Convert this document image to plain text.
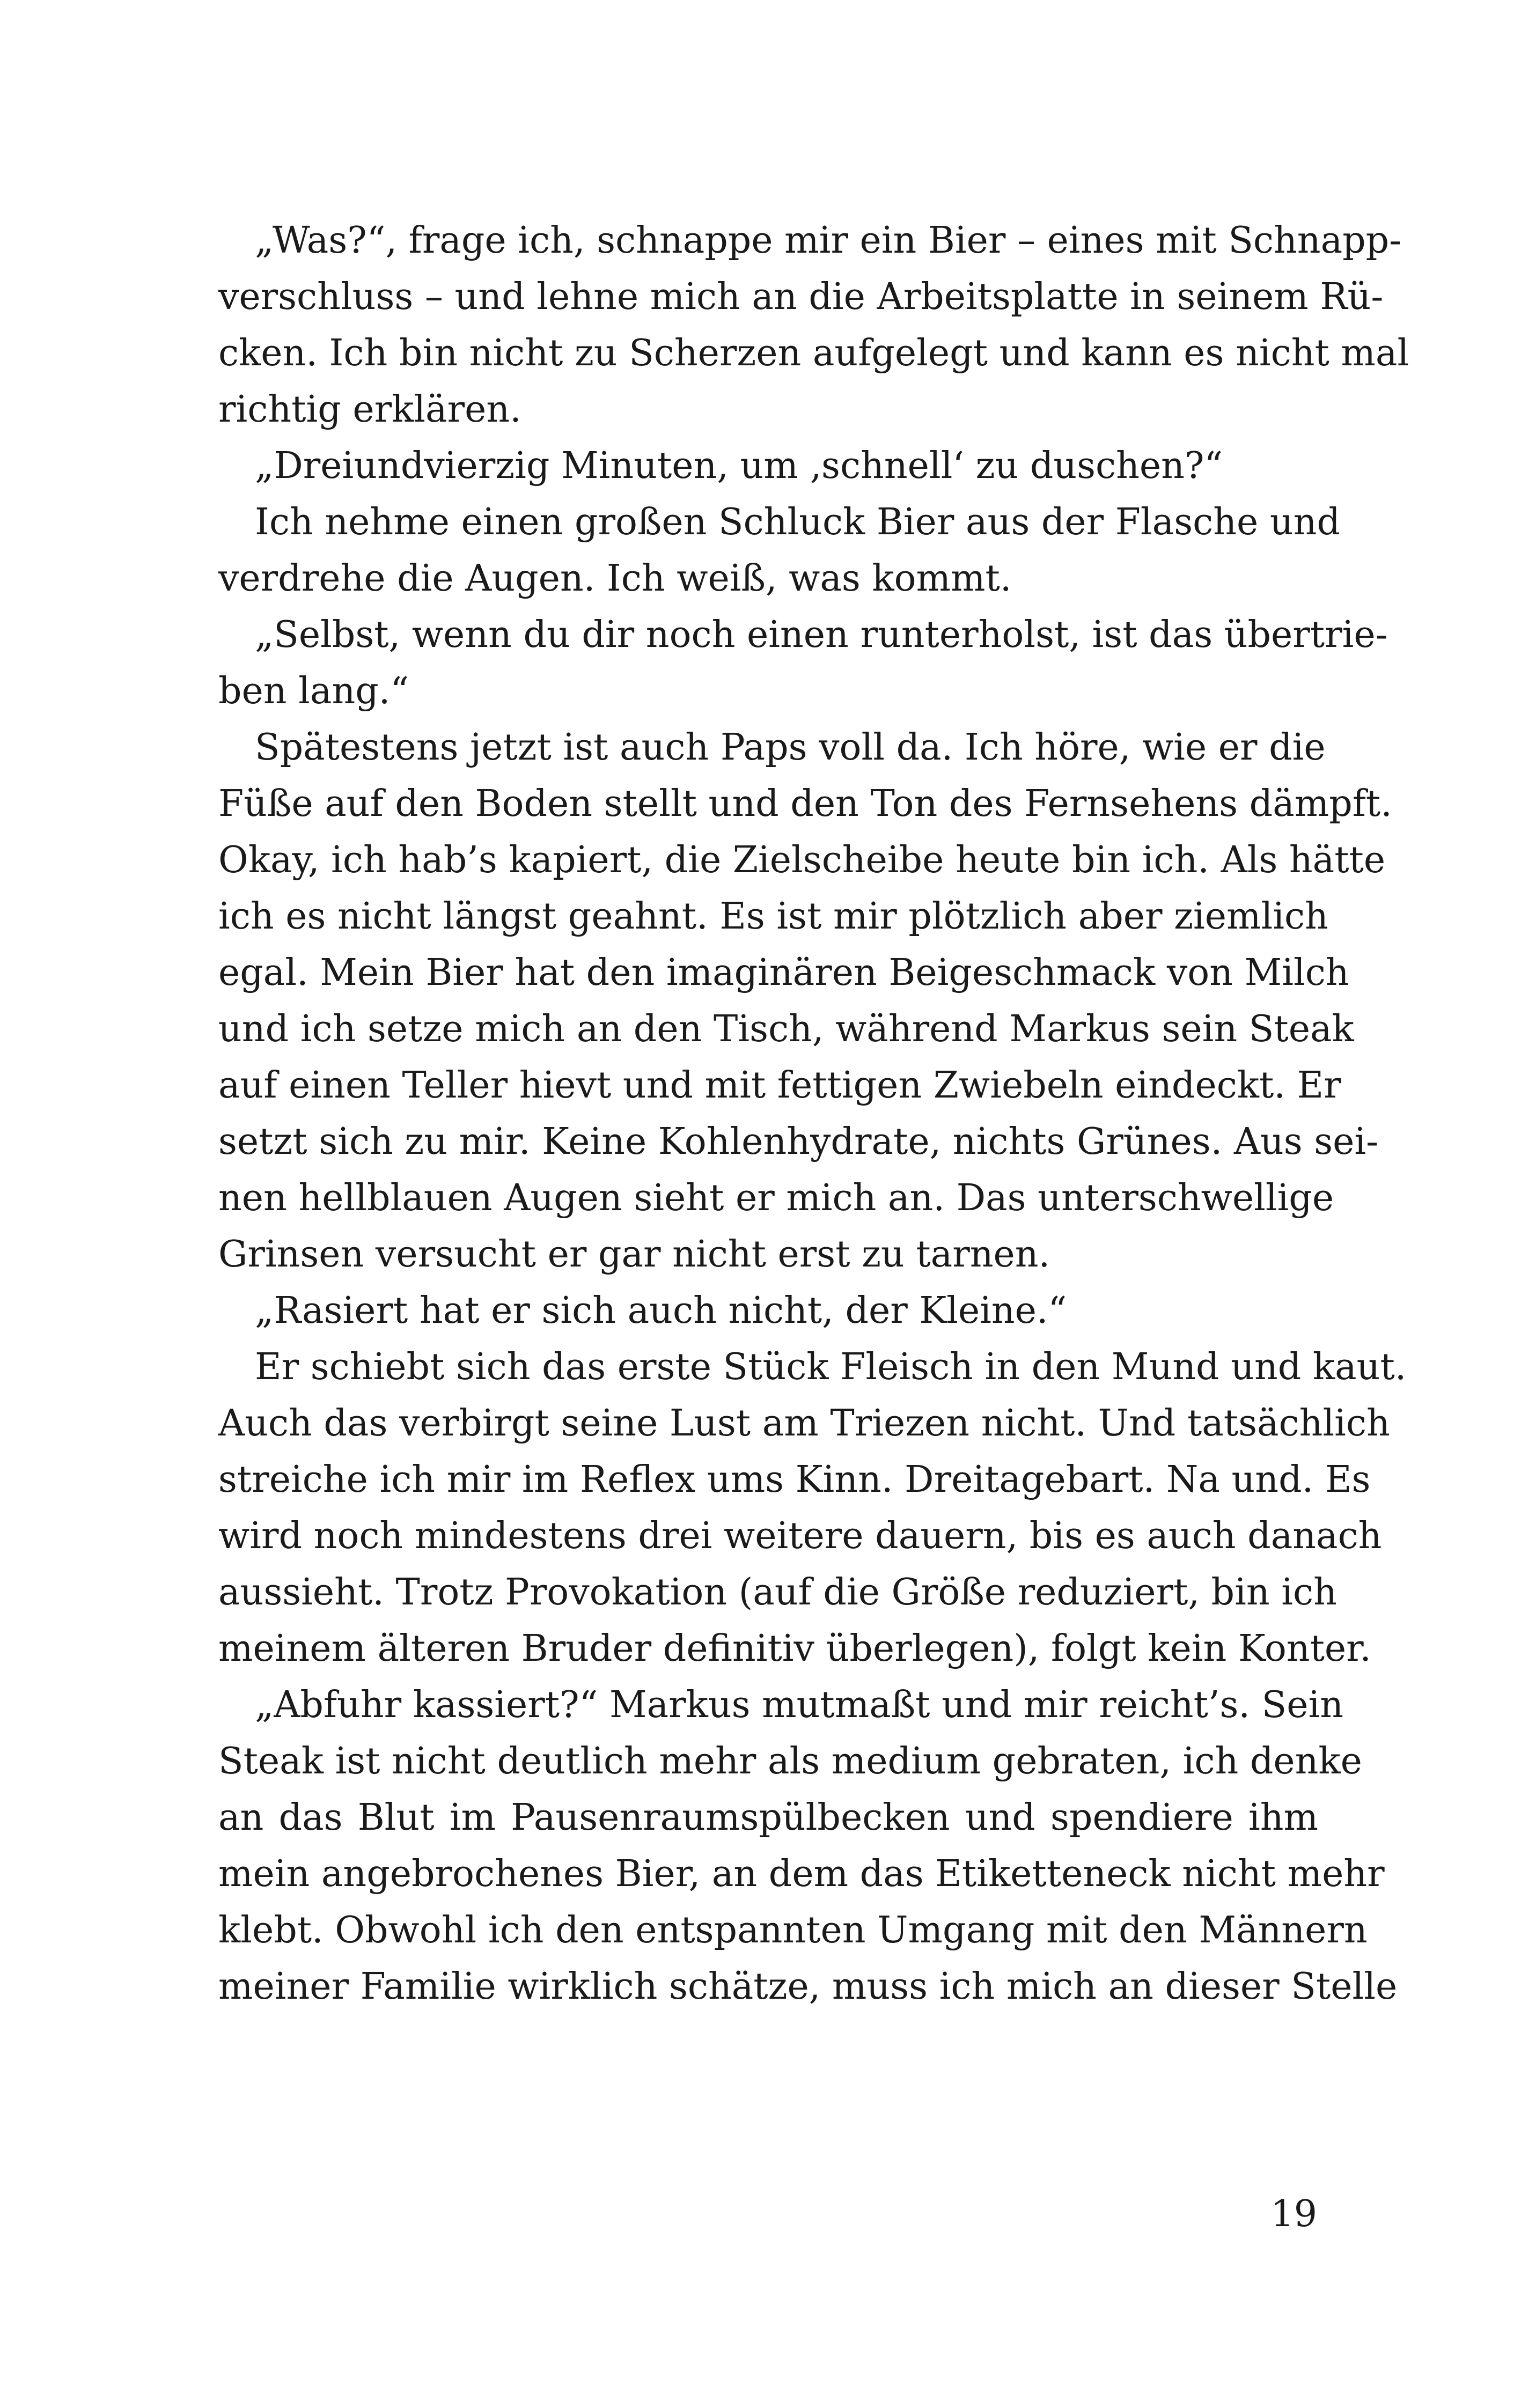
„Was?“, frage ich, schnappe mir ein Bier – eines mit Schnapp-
verschluss – und lehne mich an die Arbeitsplatte in seinem Rü-
cken. Ich bin nicht zu Scherzen aufgelegt und kann es nicht mal
richtig erklären.
„Dreiundvierzig Minuten, um ‚schnell‘ zu duschen?“
Ich nehme einen großen Schluck Bier aus der Flasche und
verdrehe die Augen. Ich weiß, was kommt.
„Selbst, wenn du dir noch einen runterholst, ist das übertrie-
ben lang.“
Spätestens jetzt ist auch Paps voll da. Ich höre, wie er die
Füße auf den Boden stellt und den Ton des Fernsehens dämpft.
Okay, ich hab’s kapiert, die Zielscheibe heute bin ich. Als hätte
ich es nicht längst geahnt. Es ist mir plötzlich aber ziemlich
egal. Mein Bier hat den imaginären Beigeschmack von Milch
und ich setze mich an den Tisch, während Markus sein Steak
auf einen Teller hievt und mit fettigen Zwiebeln eindeckt. Er
setzt sich zu mir. Keine Kohlenhydrate, nichts Grünes. Aus sei-
nen hellblauen Augen sieht er mich an. Das unterschwellige
Grinsen versucht er gar nicht erst zu tarnen.
„Rasiert hat er sich auch nicht, der Kleine.“
Er schiebt sich das erste Stück Fleisch in den Mund und kaut.
Auch das verbirgt seine Lust am Triezen nicht. Und tatsächlich
streiche ich mir im Reflex ums Kinn. Dreitagebart. Na und. Es
wird noch mindestens drei weitere dauern, bis es auch danach
aussieht. Trotz Provokation (auf die Größe reduziert, bin ich
meinem älteren Bruder definitiv überlegen), folgt kein Konter.
„Abfuhr kassiert?“ Markus mutmaßt und mir reicht’s. Sein
Steak ist nicht deutlich mehr als medium gebraten, ich denke
an das Blut im Pausenraumspülbecken und spendiere ihm
mein angebrochenes Bier, an dem das Etiketteneck nicht mehr
klebt. Obwohl ich den entspannten Umgang mit den Männern
meiner Familie wirklich schätze, muss ich mich an dieser Stelle
19
